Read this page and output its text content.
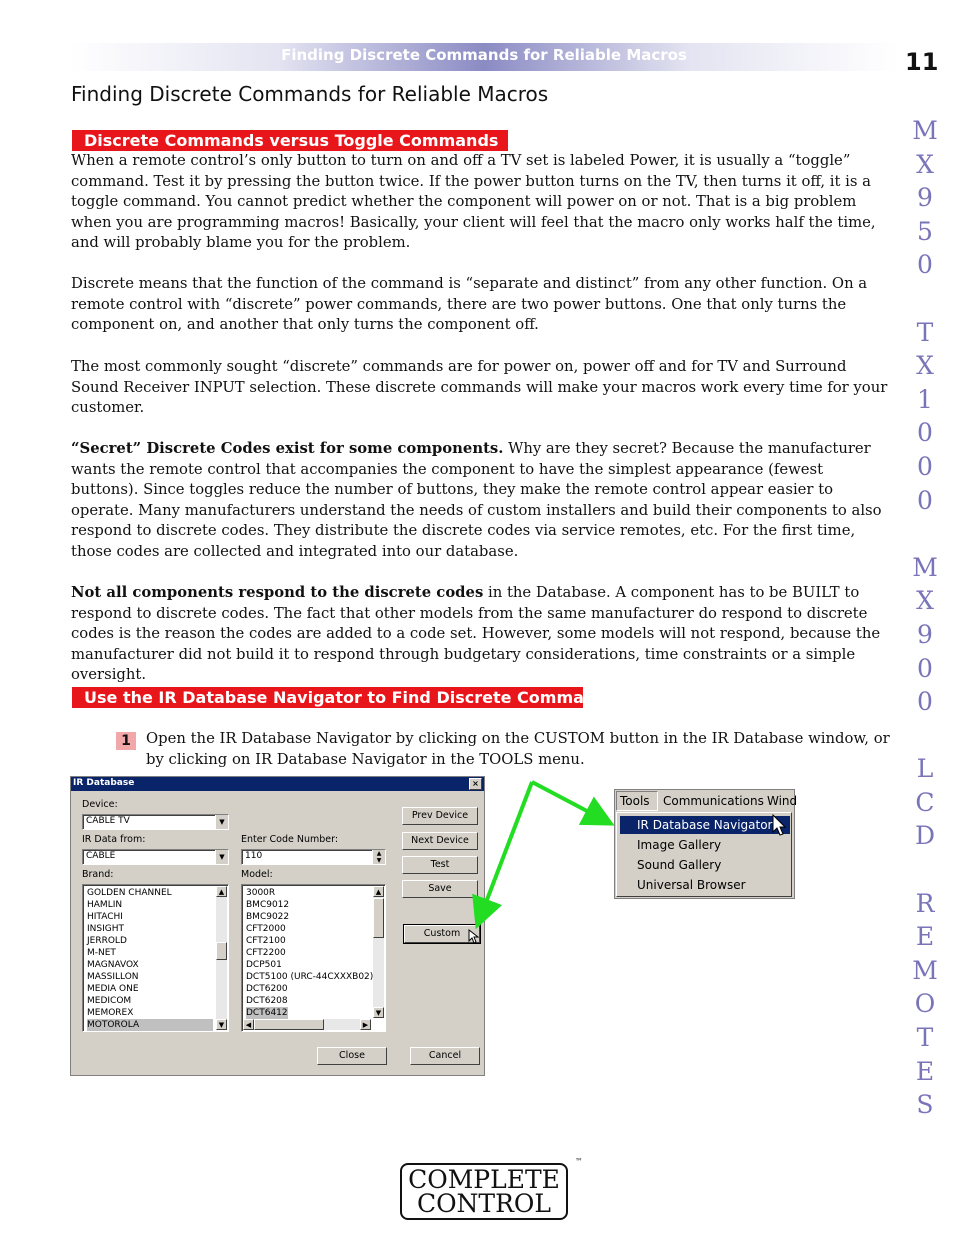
Finding Discrete Commands for Reliable Macros	11
M
X
9
5
0
T
X
1
0
0
0
M
X
9
0
0
L
C
D
R
E
M
O
T
E
S
Finding Discrete Commands for Reliable Macros
Discrete Commands versus Toggle Commands
When a remote control’s only button to turn on and off a TV set is labeled Power, it is usually a “toggle” command. Test it by pressing the button twice. If the power button turns on the TV, then turns it off, it is a toggle command. You cannot predict whether the component will power on or not. That is a big problem when you are programming macros! Basically, your client will feel that the macro only works half the time, and will probably blame you for the problem.
Discrete means that the function of the command is “separate and distinct” from any other function. On a remote control with “discrete” power commands, there are two power buttons. One that only turns the component on, and another that only turns the component off.
The most commonly sought “discrete” commands are for power on, power off and for TV and Surround Sound Receiver INPUT selection. These discrete commands will make your macros work every time for your customer.
“Secret” Discrete Codes exist for some components. Why are they secret? Because the manufacturer wants the remote control that accompanies the component to have the simplest appearance (fewest buttons). Since toggles reduce the number of buttons, they make the remote control appear easier to operate. Many manufacturers understand the needs of custom installers and build their components to also respond to discrete codes. They distribute the discrete codes via service remotes, etc. For the first time, those codes are collected and integrated into our database.
Not all components respond to the discrete codes in the Database. A component has to be BUILT to respond to discrete codes. The fact that other models from the same manufacturer do respond to discrete codes is the reason the codes are added to a code set. However, some models will not respond, because the manufacturer did not build it to respond through budgetary considerations, time constraints or a simple oversight.
Use the IR Database Navigator to Find Discrete Commands
1	Open the IR Database Navigator by clicking on the CUSTOM button in the IR Database window, or by clicking on IR Database Navigator in the TOOLS menu.
IR Database	×
Device:
CABLE TV	▼
IR Data from:
CABLE	▼
Enter Code Number:
110	▲
▼
Brand:	Model:
GOLDEN CHANNEL
HAMLIN
HITACHI
INSIGHT
JERROLD
M-NET
MAGNAVOX
MASSILLON
MEDIA ONE
MEDICOM
MEMOREX
MOTOROLA
▲
▼
3000R
BMC9012
BMC9022
CFT2000
CFT2100
CFT2200
DCP501
DCT5100 (URC-44CXXXB02)
DCT6200
DCT6208
DCT6412
▲
▼
◀	▶
Prev Device
Next Device
Test
Save
Custom
Close	Cancel
Tools Communications Wind
IR Database Navigator
Image Gallery
Sound Gallery
Universal Browser
COMPLETE
CONTROL
™
